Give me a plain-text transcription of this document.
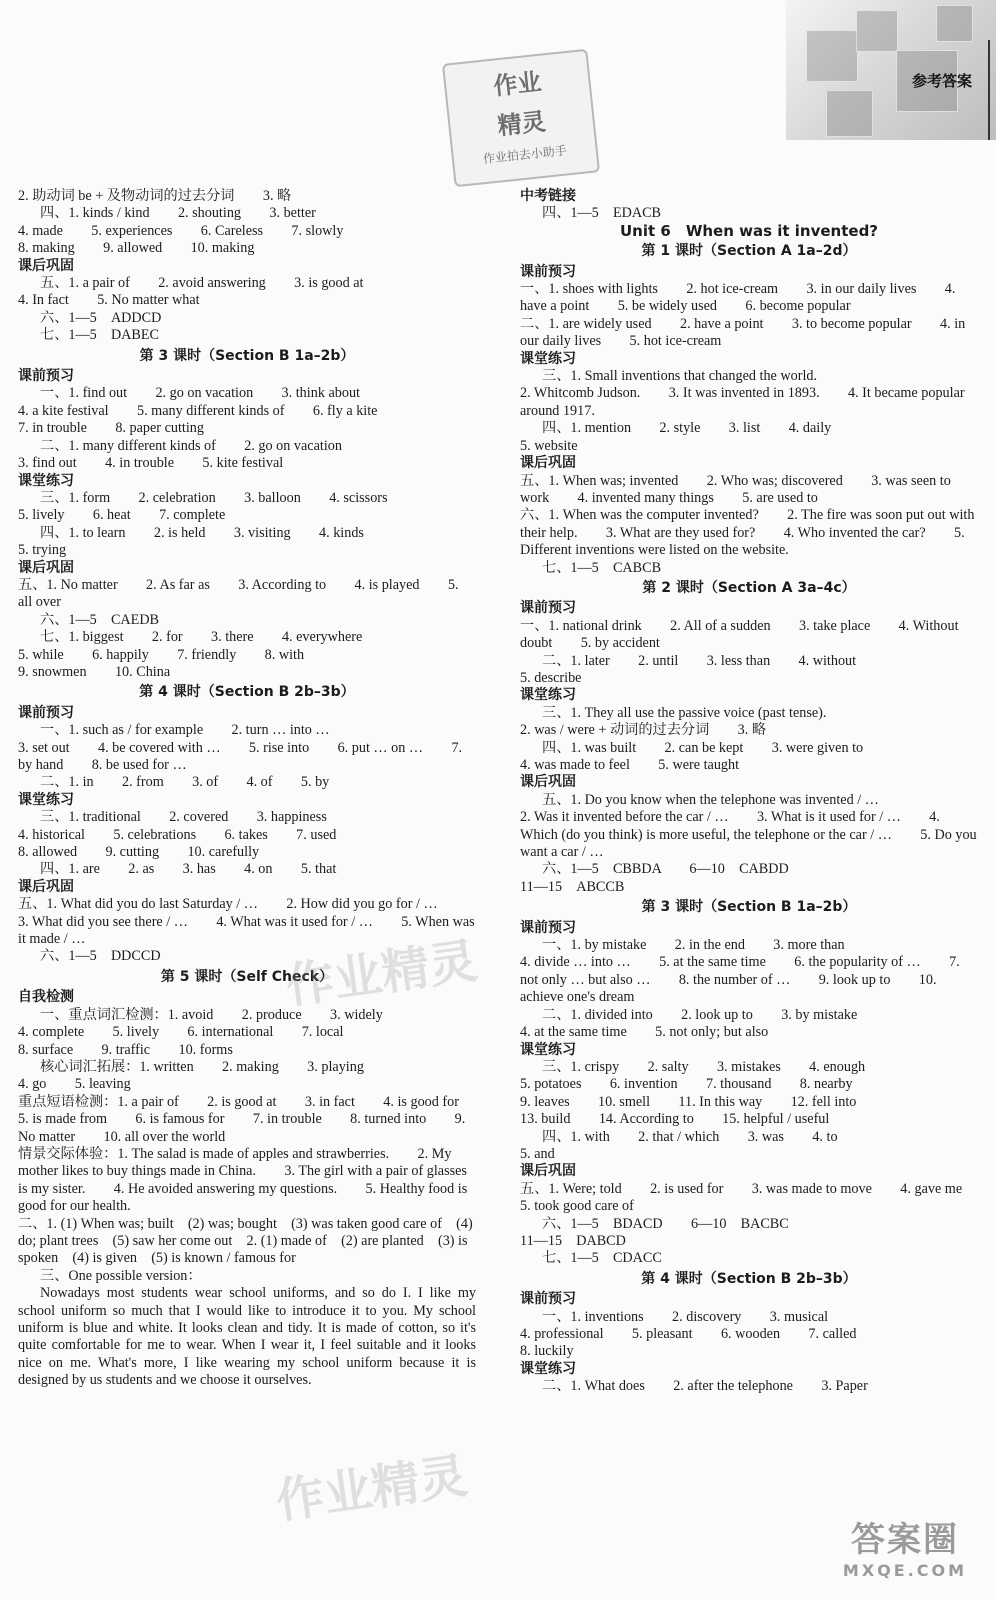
参考答案
作业
精灵
作业拍去小助手
2. 助动词 be + 及物动词的过去分词　　3. 略
四、1. kinds / kind　　2. shouting　　3. better
4. made　　5. experiences　　6. Careless　　7. slowly
8. making　　9. allowed　　10. making
课后巩固
五、1. a pair of　　2. avoid answering　　3. is good at
4. In fact　　5. No matter what
六、1—5　ADDCD
七、1—5　DABEC
第 3 课时（Section B 1a–2b）
课前预习
一、1. find out　　2. go on vacation　　3. think about
4. a kite festival　　5. many different kinds of　　6. fly a kite
7. in trouble　　8. paper cutting
二、1. many different kinds of　　2. go on vacation
3. find out　　4. in trouble　　5. kite festival
课堂练习
三、1. form　　2. celebration　　3. balloon　　4. scissors
5. lively　　6. heat　　7. complete
四、1. to learn　　2. is held　　3. visiting　　4. kinds
5. trying
课后巩固
五、1. No matter　　2. As far as　　3. According to　　4. is played　　5. all over
六、1—5　CAEDB
七、1. biggest　　2. for　　3. there　　4. everywhere
5. while　　6. happily　　7. friendly　　8. with
9. snowmen　　10. China
第 4 课时（Section B 2b–3b）
课前预习
一、1. such as / for example　　2. turn … into …
3. set out　　4. be covered with …　　5. rise into　　6. put … on …　　7. by hand　　8. be used for …
二、1. in　　2. from　　3. of　　4. of　　5. by
课堂练习
三、1. traditional　　2. covered　　3. happiness
4. historical　　5. celebrations　　6. takes　　7. used
8. allowed　　9. cutting　　10. carefully
四、1. are　　2. as　　3. has　　4. on　　5. that
课后巩固
五、1. What did you do last Saturday / …　　2. How did you go for / …　　3. What did you see there / …　　4. What was it used for / …　　5. When was it made / …
六、1—5　DDCCD
第 5 课时（Self Check）
自我检测
一、重点词汇检测：1. avoid　　2. produce　　3. widely
4. complete　　5. lively　　6. international　　7. local
8. surface　　9. traffic　　10. forms
核心词汇拓展：1. written　　2. making　　3. playing
4. go　　5. leaving
重点短语检测：1. a pair of　　2. is good at　　3. in fact　　4. is good for　　5. is made from　　6. is famous for　　7. in trouble　　8. turned into　　9. No matter　　10. all over the world
情景交际体验：1. The salad is made of apples and strawberries.　　2. My mother likes to buy things made in China.　　3. The girl with a pair of glasses is my sister.　　4. He avoided answering my questions.　　5. Healthy food is good for our health.
二、1. (1) When was; built　(2) was; bought　(3) was taken good care of　(4) do; plant trees　(5) saw her come out　2. (1) made of　(2) are planted　(3) is spoken　(4) is given　(5) is known / famous for
三、One possible version：
Nowadays most students wear school uniforms, and so do I. I like my school uniform so much that I would like to introduce it to you. My school uniform is blue and white. It looks clean and tidy. It is made of cotton, so it's quite comfortable for me to wear. When I wear it, I feel suitable and it looks nice on me. What's more, I like wearing my school uniform because it is designed by us students and we choose it ourselves.
中考链接
四、1—5　EDACB
Unit 6　When was it invented?
第 1 课时（Section A 1a–2d）
课前预习
一、1. shoes with lights　　2. hot ice-cream　　3. in our daily lives　　4. have a point　　5. be widely used　　6. become popular
二、1. are widely used　　2. have a point　　3. to become popular　　4. in our daily lives　　5. hot ice-cream
课堂练习
三、1. Small inventions that changed the world.
2. Whitcomb Judson.　　3. It was invented in 1893.　　4. It became popular around 1917.
四、1. mention　　2. style　　3. list　　4. daily
5. website
课后巩固
五、1. When was; invented　　2. Who was; discovered　　3. was seen to work　　4. invented many things　　5. are used to
六、1. When was the computer invented?　　2. The fire was soon put out with their help.　　3. What are they used for?　　4. Who invented the car?　　5. Different inventions were listed on the website.
七、1—5　CABCB
第 2 课时（Section A 3a–4c）
课前预习
一、1. national drink　　2. All of a sudden　　3. take place　　4. Without doubt　　5. by accident
二、1. later　　2. until　　3. less than　　4. without
5. describe
课堂练习
三、1. They all use the passive voice (past tense).
2. was / were + 动词的过去分词　　3. 略
四、1. was built　　2. can be kept　　3. were given to
4. was made to feel　　5. were taught
课后巩固
五、1. Do you know when the telephone was invented / …
2. Was it invented before the car / …　　3. What is it used for / …　　4. Which (do you think) is more useful, the telephone or the car / …　　5. Do you want a car / …
六、1—5　CBBDA　　6—10　CABDD
11—15　ABCCB
第 3 课时（Section B 1a–2b）
课前预习
一、1. by mistake　　2. in the end　　3. more than
4. divide … into …　　5. at the same time　　6. the popularity of …　　7. not only … but also …　　8. the number of …　　9. look up to　　10. achieve one's dream
二、1. divided into　　2. look up to　　3. by mistake
4. at the same time　　5. not only; but also
课堂练习
三、1. crispy　　2. salty　　3. mistakes　　4. enough
5. potatoes　　6. invention　　7. thousand　　8. nearby
9. leaves　　10. smell　　11. In this way　　12. fell into
13. build　　14. According to　　15. helpful / useful
四、1. with　　2. that / which　　3. was　　4. to
5. and
课后巩固
五、1. Were; told　　2. is used for　　3. was made to move　　4. gave me　　5. took good care of
六、1—5　BDACD　　6—10　BACBC
11—15　DABCD
七、1—5　CDACC
第 4 课时（Section B 2b–3b）
课前预习
一、1. inventions　　2. discovery　　3. musical
4. professional　　5. pleasant　　6. wooden　　7. called
8. luckily
课堂练习
二、1. What does　　2. after the telephone　　3. Paper
作业精灵
作业精灵
答案圈
MXQE.COM
